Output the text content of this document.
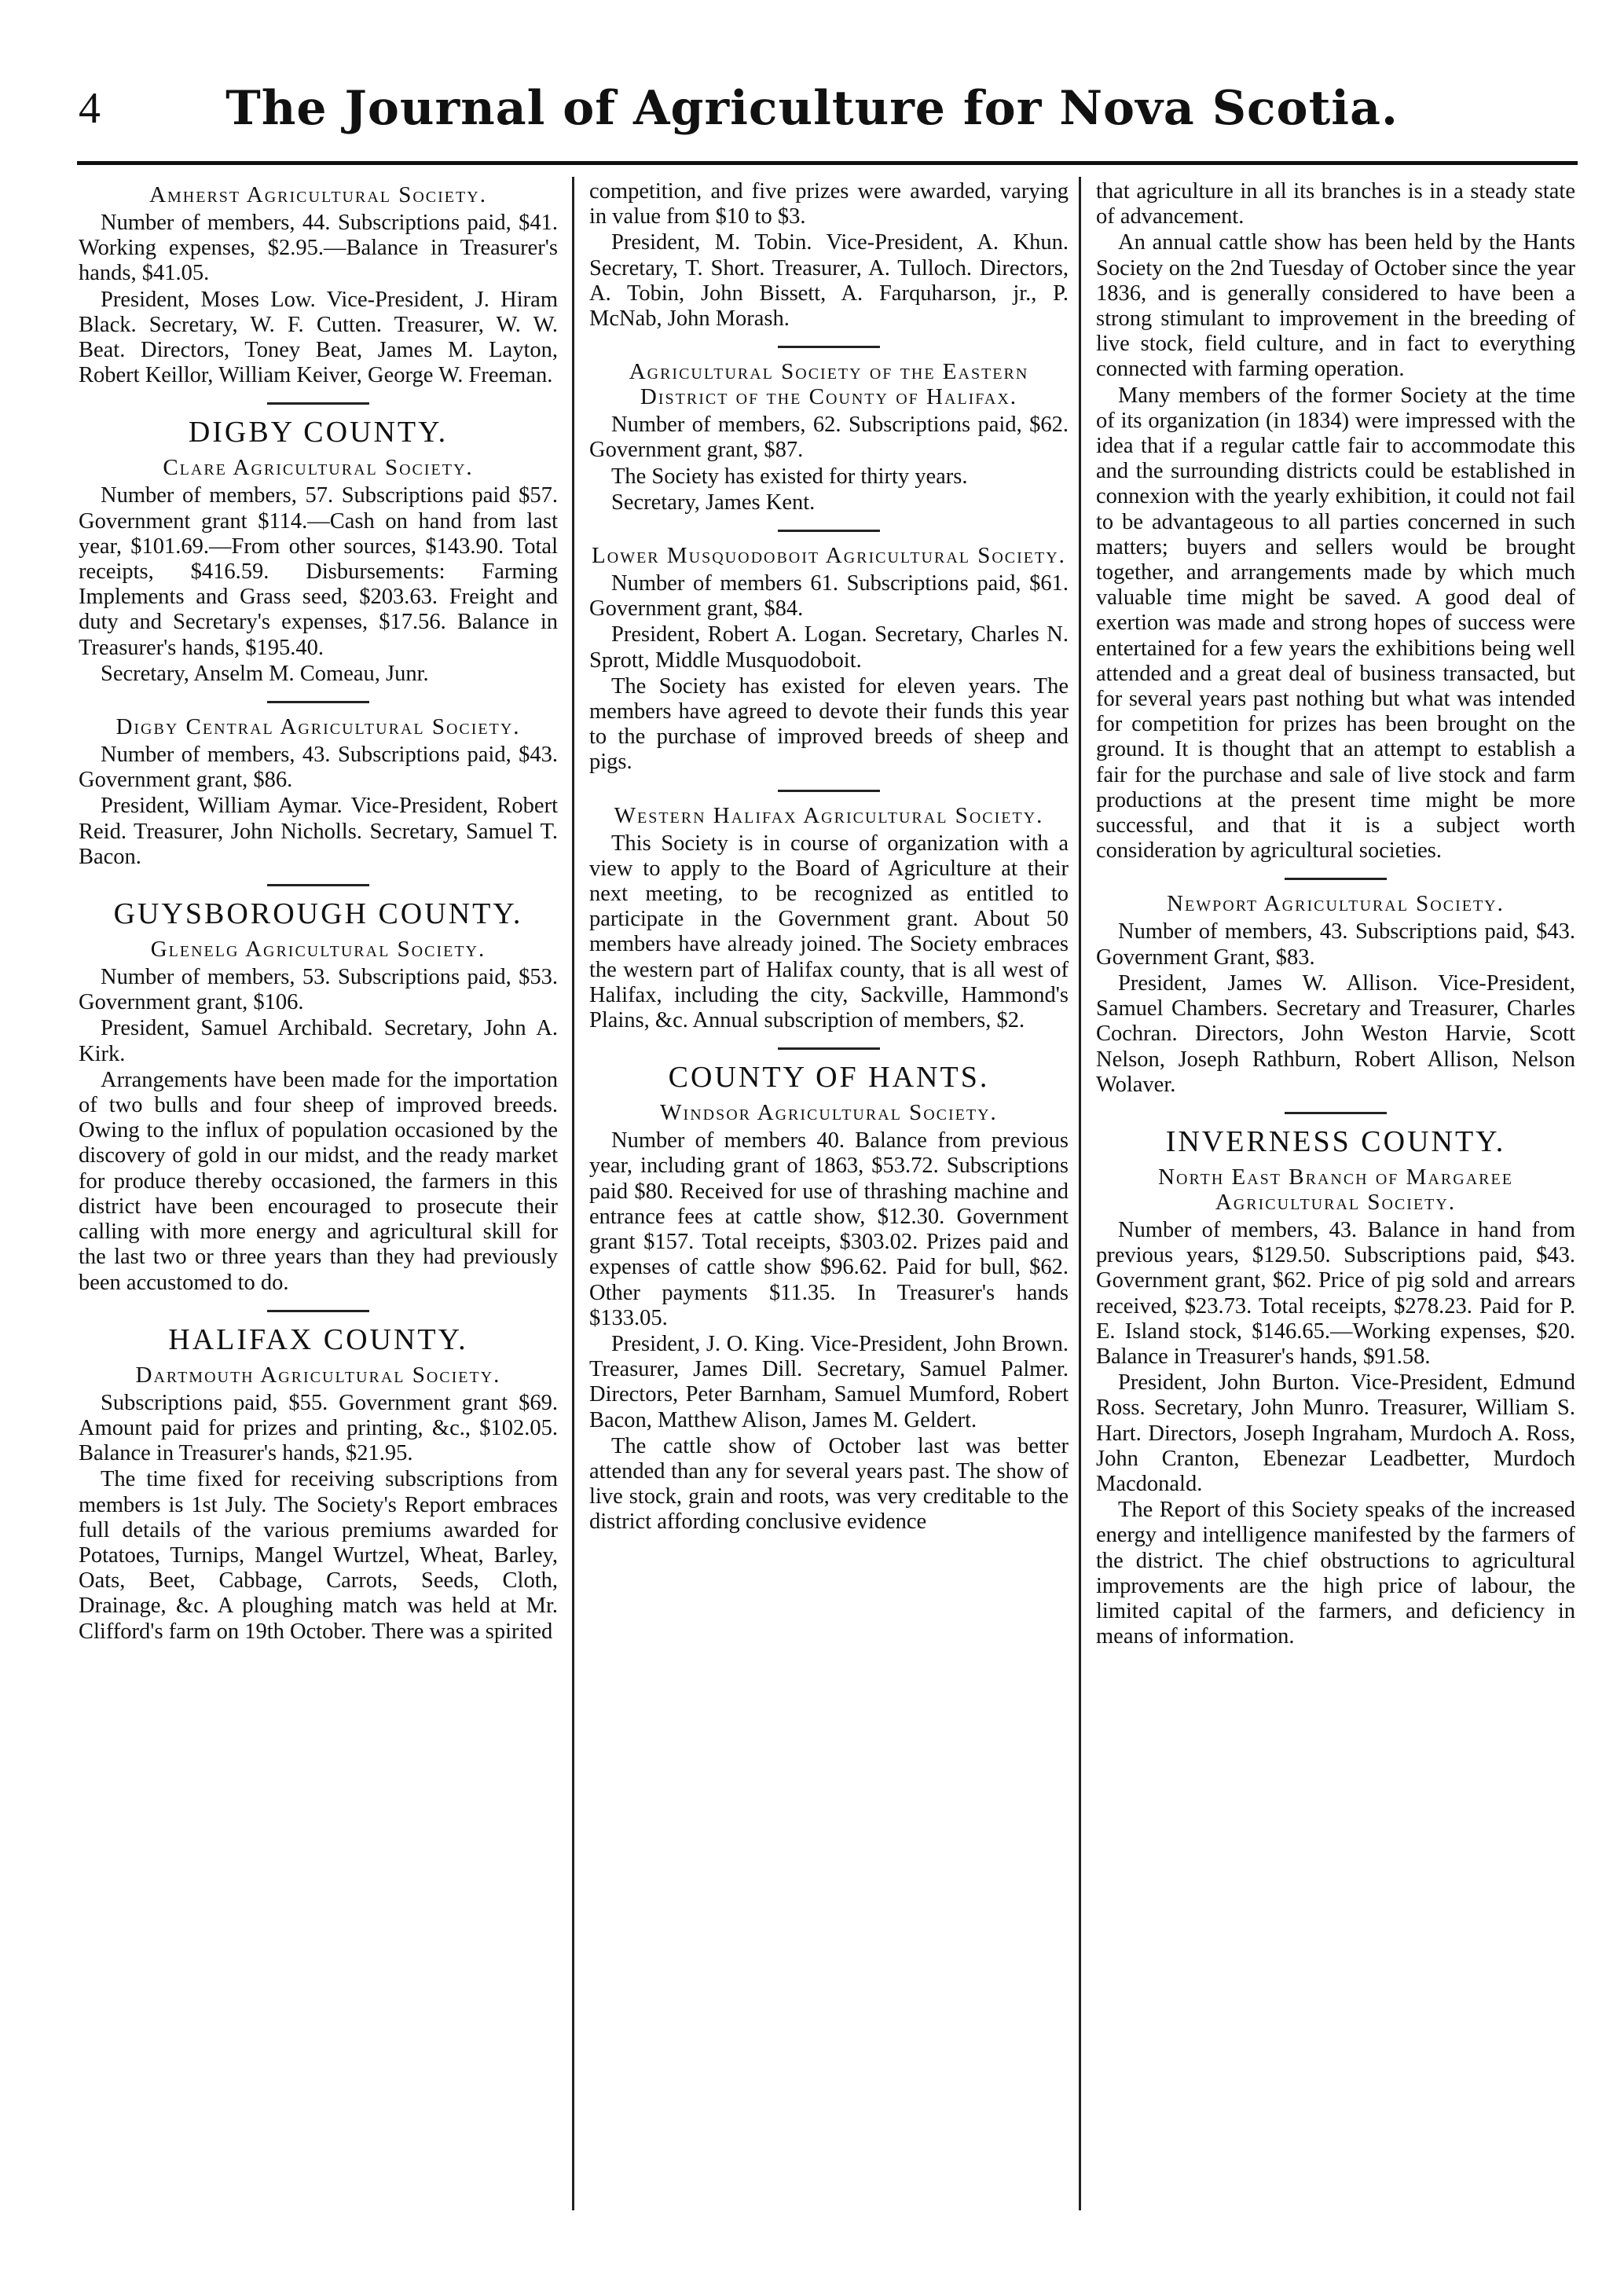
4	The Journal of Agriculture for Nova Scotia.
Amherst Agricultural Society.

Number of members, 44. Subscriptions paid, $41. Working expenses, $2.95.—Balance in Treasurer's hands, $41.05.

President, Moses Low. Vice-President, J. Hiram Black. Secretary, W. F. Cutten. Treasurer, W. W. Beat. Directors, Toney Beat, James M. Layton, Robert Keillor, William Keiver, George W. Freeman.

DIGBY COUNTY.
Clare Agricultural Society.

Number of members, 57. Subscriptions paid $57. Government grant $114.—Cash on hand from last year, $101.69.—From other sources, $143.90. Total receipts, $416.59. Disbursements: Farming Implements and Grass seed, $203.63. Freight and duty and Secretary's expenses, $17.56. Balance in Treasurer's hands, $195.40.

Secretary, Anselm M. Comeau, Junr.

Digby Central Agricultural Society.

Number of members, 43. Subscriptions paid, $43. Government grant, $86.

President, William Aymar. Vice-President, Robert Reid. Treasurer, John Nicholls. Secretary, Samuel T. Bacon.

GUYSBOROUGH COUNTY.
Glenelg Agricultural Society.

Number of members, 53. Subscriptions paid, $53. Government grant, $106.

President, Samuel Archibald. Secretary, John A. Kirk.

Arrangements have been made for the importation of two bulls and four sheep of improved breeds. Owing to the influx of population occasioned by the discovery of gold in our midst, and the ready market for produce thereby occasioned, the farmers in this district have been encouraged to prosecute their calling with more energy and agricultural skill for the last two or three years than they had previously been accustomed to do.

HALIFAX COUNTY.
Dartmouth Agricultural Society.

Subscriptions paid, $55. Government grant $69. Amount paid for prizes and printing, &c., $102.05. Balance in Treasurer's hands, $21.95.

The time fixed for receiving subscriptions from members is 1st July. The Society's Report embraces full details of the various premiums awarded for Potatoes, Turnips, Mangel Wurtzel, Wheat, Barley, Oats, Beet, Cabbage, Carrots, Seeds, Cloth, Drainage, &c. A ploughing match was held at Mr. Clifford's farm on 19th October. There was a spirited

competition, and five prizes were awarded, varying in value from $10 to $3.

President, M. Tobin. Vice-President, A. Khun. Secretary, T. Short. Treasurer, A. Tulloch. Directors, A. Tobin, John Bissett, A. Farquharson, jr., P. McNab, John Morash.

Agricultural Society of the Eastern District of the County of Halifax.

Number of members, 62. Subscriptions paid, $62. Government grant, $87.

The Society has existed for thirty years.

Secretary, James Kent.

Lower Musquodoboit Agricultural Society.

Number of members 61. Subscriptions paid, $61. Government grant, $84.

President, Robert A. Logan. Secretary, Charles N. Sprott, Middle Musquodoboit.

The Society has existed for eleven years. The members have agreed to devote their funds this year to the purchase of improved breeds of sheep and pigs.

Western Halifax Agricultural Society.

This Society is in course of organization with a view to apply to the Board of Agriculture at their next meeting, to be recognized as entitled to participate in the Government grant. About 50 members have already joined. The Society embraces the western part of Halifax county, that is all west of Halifax, including the city, Sackville, Hammond's Plains, &c. Annual subscription of members, $2.

COUNTY OF HANTS.
Windsor Agricultural Society.

Number of members 40. Balance from previous year, including grant of 1863, $53.72. Subscriptions paid $80. Received for use of thrashing machine and entrance fees at cattle show, $12.30. Government grant $157. Total receipts, $303.02. Prizes paid and expenses of cattle show $96.62. Paid for bull, $62. Other payments $11.35. In Treasurer's hands $133.05.

President, J. O. King. Vice-President, John Brown. Treasurer, James Dill. Secretary, Samuel Palmer. Directors, Peter Barnham, Samuel Mumford, Robert Bacon, Matthew Alison, James M. Geldert.

The cattle show of October last was better attended than any for several years past. The show of live stock, grain and roots, was very creditable to the district affording conclusive evidence

that agriculture in all its branches is in a steady state of advancement.

An annual cattle show has been held by the Hants Society on the 2nd Tuesday of October since the year 1836, and is generally considered to have been a strong stimulant to improvement in the breeding of live stock, field culture, and in fact to everything connected with farming operation.

Many members of the former Society at the time of its organization (in 1834) were impressed with the idea that if a regular cattle fair to accommodate this and the surrounding districts could be established in connexion with the yearly exhibition, it could not fail to be advantageous to all parties concerned in such matters; buyers and sellers would be brought together, and arrangements made by which much valuable time might be saved. A good deal of exertion was made and strong hopes of success were entertained for a few years the exhibitions being well attended and a great deal of business transacted, but for several years past nothing but what was intended for competition for prizes has been brought on the ground. It is thought that an attempt to establish a fair for the purchase and sale of live stock and farm productions at the present time might be more successful, and that it is a subject worth consideration by agricultural societies.

Newport Agricultural Society.

Number of members, 43. Subscriptions paid, $43. Government Grant, $83.

President, James W. Allison. Vice-President, Samuel Chambers. Secretary and Treasurer, Charles Cochran. Directors, John Weston Harvie, Scott Nelson, Joseph Rathburn, Robert Allison, Nelson Wolaver.

INVERNESS COUNTY.
North East Branch of Margaree Agricultural Society.

Number of members, 43. Balance in hand from previous years, $129.50. Subscriptions paid, $43. Government grant, $62. Price of pig sold and arrears received, $23.73. Total receipts, $278.23. Paid for P. E. Island stock, $146.65.—Working expenses, $20. Balance in Treasurer's hands, $91.58.

President, John Burton. Vice-President, Edmund Ross. Secretary, John Munro. Treasurer, William S. Hart. Directors, Joseph Ingraham, Murdoch A. Ross, John Cranton, Ebenezar Leadbetter, Murdoch Macdonald.

The Report of this Society speaks of the increased energy and intelligence manifested by the farmers of the district. The chief obstructions to agricultural improvements are the high price of labour, the limited capital of the farmers, and deficiency in means of information.
